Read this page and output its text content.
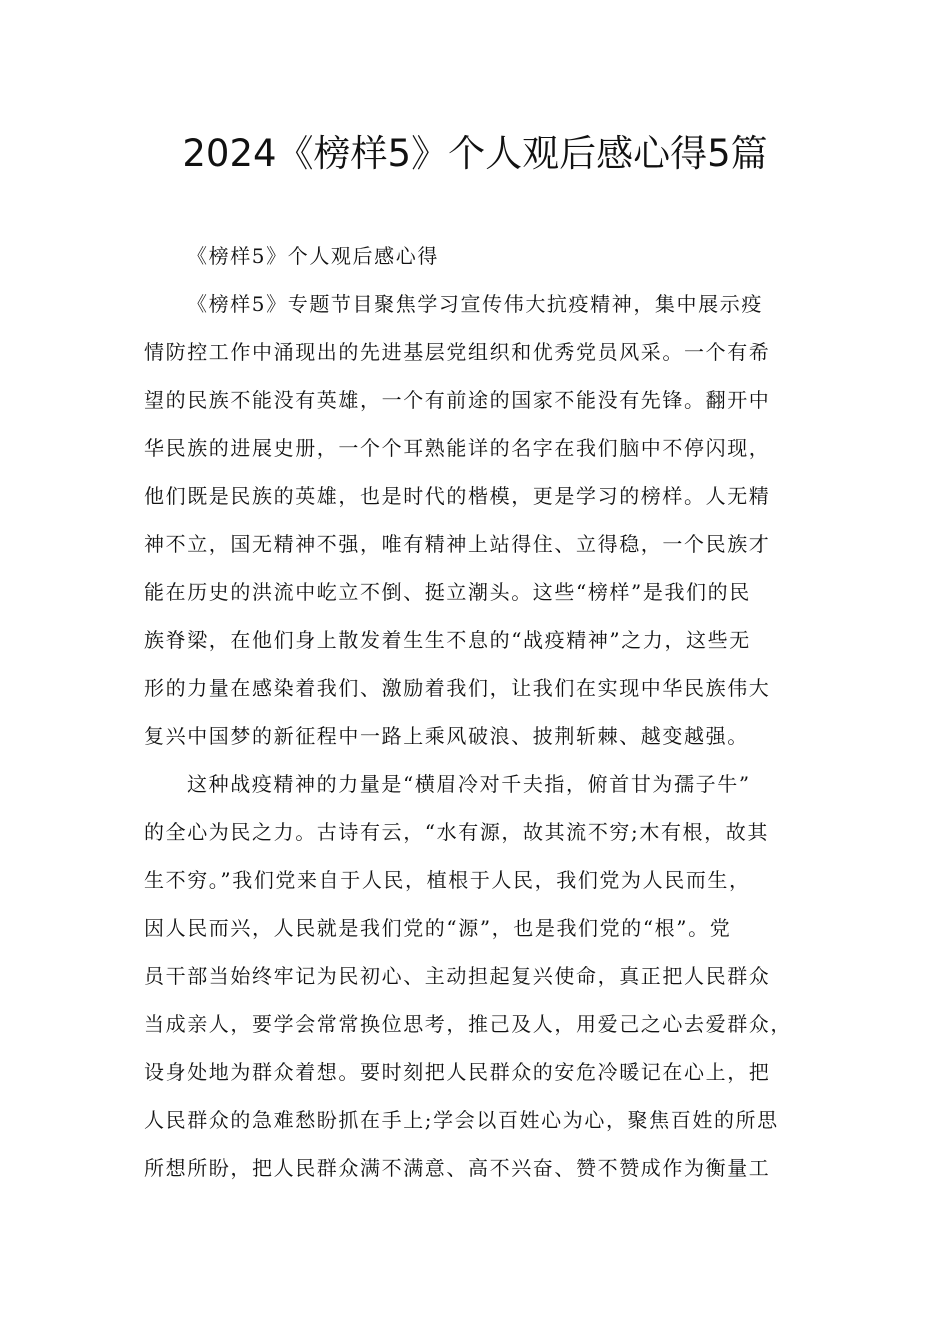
2024《榜样5》个人观后感心得5篇
《榜样5》个人观后感心得
《榜样5》专题节目聚焦学习宣传伟大抗疫精神，集中展示疫
情防控工作中涌现出的先进基层党组织和优秀党员风采。一个有希
望的民族不能没有英雄，一个有前途的国家不能没有先锋。翻开中
华民族的进展史册，一个个耳熟能详的名字在我们脑中不停闪现，
他们既是民族的英雄，也是时代的楷模，更是学习的榜样。人无精
神不立，国无精神不强，唯有精神上站得住、立得稳，一个民族才
能在历史的洪流中屹立不倒、挺立潮头。这些“榜样”是我们的民
族脊梁，在他们身上散发着生生不息的“战疫精神”之力，这些无
形的力量在感染着我们、激励着我们，让我们在实现中华民族伟大
复兴中国梦的新征程中一路上乘风破浪、披荆斩棘、越变越强。
这种战疫精神的力量是“横眉冷对千夫指，俯首甘为孺子牛”
的全心为民之力。古诗有云，“水有源，故其流不穷;木有根，故其
生不穷。”我们党来自于人民，植根于人民，我们党为人民而生，
因人民而兴，人民就是我们党的“源”，也是我们党的“根”。党
员干部当始终牢记为民初心、主动担起复兴使命，真正把人民群众
当成亲人，要学会常常换位思考，推己及人，用爱己之心去爱群众，
设身处地为群众着想。要时刻把人民群众的安危冷暖记在心上，把
人民群众的急难愁盼抓在手上;学会以百姓心为心，聚焦百姓的所思
所想所盼，把人民群众满不满意、高不兴奋、赞不赞成作为衡量工
